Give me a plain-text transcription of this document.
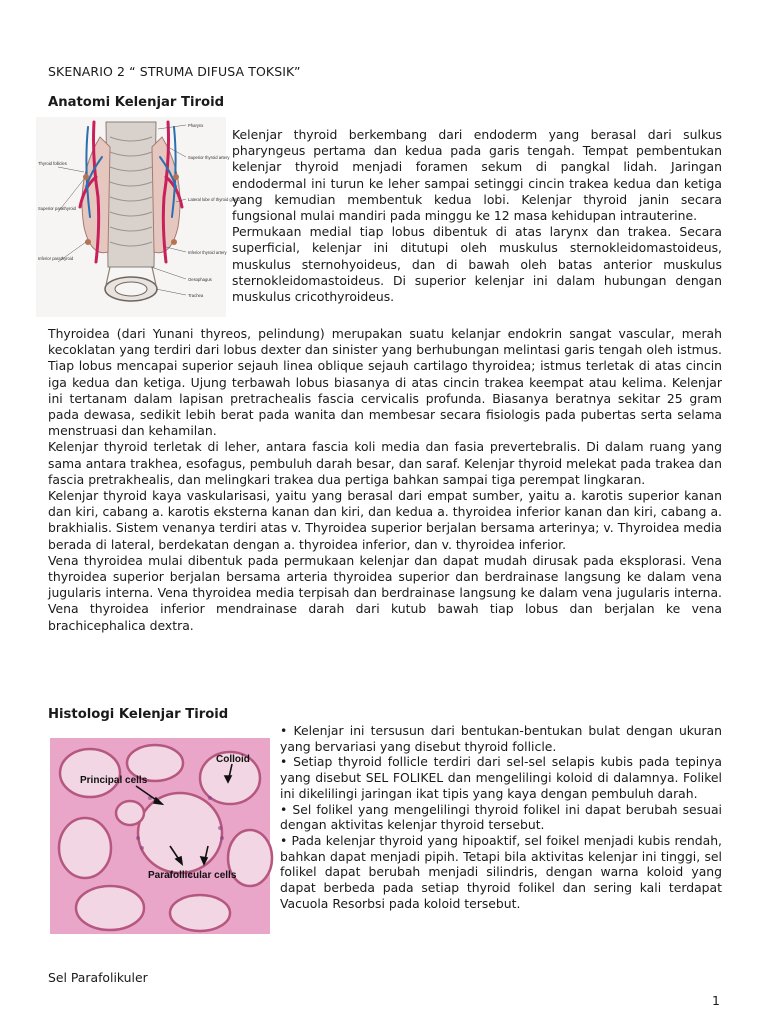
SKENARIO 2 “ STRUMA DIFUSA TOKSIK”
Anatomi Kelenjar Tiroid
Thyroid follicles
Superior parathyroid
Inferior parathyroid
Pharynx
Superior thyroid artery
Lateral lobe of thyroid gland
Inferior thyroid artery
Oesophagus
Trachea

Kelenjar thyroid berkembang dari endoderm yang berasal dari sulkus pharyngeus pertama dan kedua pada garis tengah. Tempat pembentukan kelenjar thyroid menjadi foramen sekum di pangkal lidah. Jaringan endodermal ini turun ke leher sampai setinggi cincin trakea kedua dan ketiga yang kemudian membentuk kedua lobi. Kelenjar thyroid janin secara fungsional mulai mandiri pada minggu ke 12 masa kehidupan intrauterine.

Permukaan medial tiap lobus dibentuk di atas larynx dan trakea. Secara superficial, kelenjar ini ditutupi oleh muskulus sternokleidomastoideus, muskulus sternohyoideus, dan di bawah oleh batas anterior muskulus sternokleidomastoideus. Di superior kelenjar ini dalam hubungan dengan muskulus cricothyroideus.

Thyroidea (dari Yunani thyreos, pelindung) merupakan suatu kelanjar endokrin sangat vascular, merah kecoklatan yang terdiri dari lobus dexter dan sinister yang berhubungan melintasi garis tengah oleh istmus. Tiap lobus mencapai superior sejauh linea oblique sejauh cartilago thyroidea; istmus terletak di atas cincin iga kedua dan ketiga. Ujung terbawah lobus biasanya di atas cincin trakea keempat atau kelima. Kelenjar ini tertanam dalam lapisan pretrachealis fascia cervicalis profunda. Biasanya beratnya sekitar 25 gram pada dewasa, sedikit lebih berat pada wanita dan membesar secara fisiologis pada pubertas serta selama menstruasi dan kehamilan.

Kelenjar thyroid terletak di leher, antara fascia koli media dan fasia prevertebralis. Di dalam ruang yang sama antara trakhea, esofagus, pembuluh darah besar, dan saraf. Kelenjar thyroid melekat pada trakea dan fascia pretrakhealis, dan melingkari trakea dua pertiga bahkan sampai tiga perempat lingkaran.

Kelenjar thyroid kaya vaskularisasi, yaitu yang berasal dari empat sumber, yaitu a. karotis superior kanan dan kiri, cabang a. karotis eksterna kanan dan kiri, dan kedua a. thyroidea inferior kanan dan kiri, cabang a. brakhialis. Sistem venanya terdiri atas v. Thyroidea superior berjalan bersama arterinya; v. Thyroidea media berada di lateral, berdekatan dengan a. thyroidea inferior, dan v. thyroidea inferior.

Vena thyroidea mulai dibentuk pada permukaan kelenjar dan dapat mudah dirusak pada eksplorasi. Vena thyroidea superior berjalan bersama arteria thyroidea superior dan berdrainase langsung ke dalam vena jugularis interna. Vena thyroidea media terpisah dan berdrainase langsung ke dalam vena jugularis interna. Vena thyroidea inferior mendrainase darah dari kutub bawah tiap lobus dan berjalan ke vena brachicephalica dextra.

Histologi Kelenjar Tiroid
Principal cells
Colloid
Parafollicular cells

• Kelenjar ini tersusun dari bentukan-bentukan bulat dengan ukuran yang bervariasi yang disebut thyroid follicle.

• Setiap thyroid follicle terdiri dari sel-sel selapis kubis pada tepinya yang disebut SEL FOLIKEL dan mengelilingi koloid di dalamnya. Folikel ini dikelilingi jaringan ikat tipis yang kaya dengan pembuluh darah.

• Sel folikel yang mengelilingi thyroid folikel ini dapat berubah sesuai dengan aktivitas kelenjar thyroid tersebut.

• Pada kelenjar thyroid yang hipoaktif, sel foikel menjadi kubis rendah, bahkan dapat menjadi pipih. Tetapi bila aktivitas kelenjar ini tinggi, sel folikel dapat berubah menjadi silindris, dengan warna koloid yang dapat berbeda pada setiap thyroid folikel dan sering kali terdapat Vacuola Resorbsi pada koloid tersebut.

Sel Parafolikuler
1
